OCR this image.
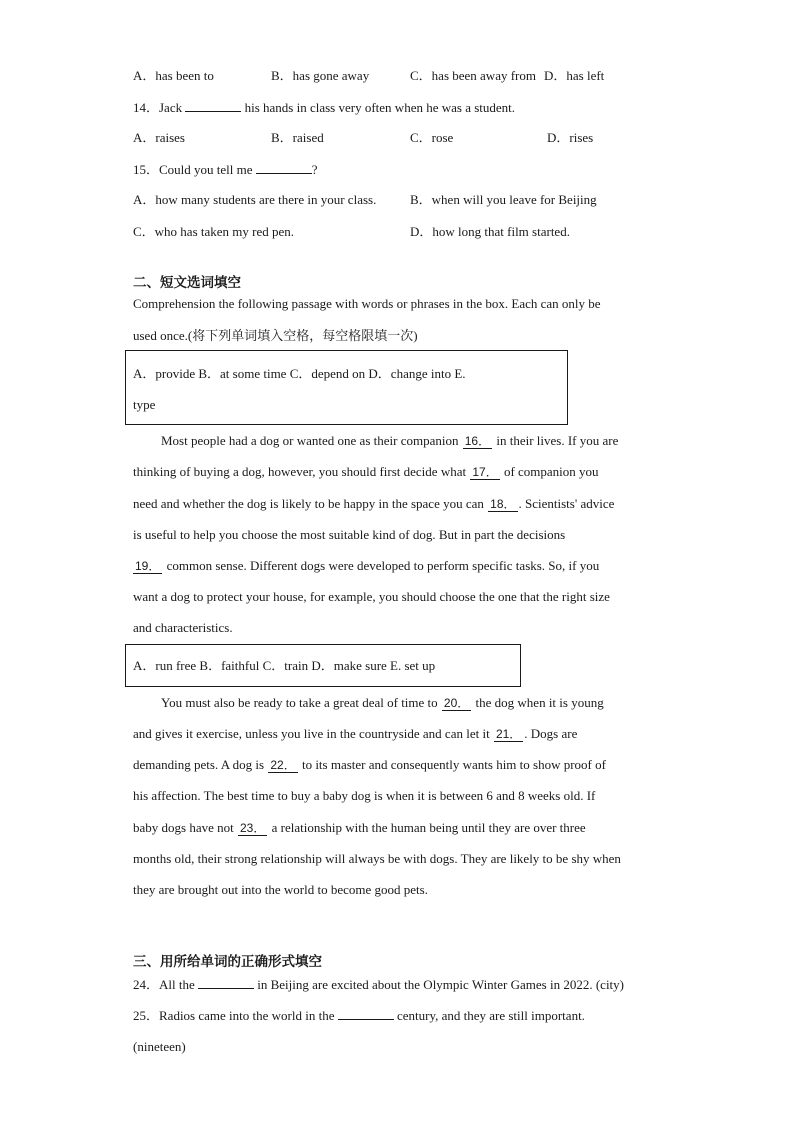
A．has been to	B．has gone away	C．has been away from D．has left
14．Jack	his hands in class very often when he was a student.
A．raises	B．raised	C．rose	D．rises
15．Could you tell me	?
A．how many students are there in your class.	B．when will you leave for Beijing
C．who has taken my red pen.	D．how long that film started.
二、短文选词填空
Comprehension the following passage with words or phrases in the box. Each can only be
used once.(将下列单词填入空格，每空格限填一次)
A．provide B．at some time C．depend on D．change into E.
type
Most people had a dog or wanted one as their companion 16． in their lives. If you are
thinking of buying a dog, however, you should first decide what 17． of companion you
need and whether the dog is likely to be happy in the space you can 18． . Scientists' advice
is useful to help you choose the most suitable kind of dog. But in part the decisions
19． common sense. Different dogs were developed to perform specific tasks. So, if you
want a dog to protect your house, for example, you should choose the one that the right size
and characteristics.
A．run free B．faithful C．train D．make sure E. set up
You must also be ready to take a great deal of time to 20． the dog when it is young
and gives it exercise, unless you live in the countryside and can let it 21． . Dogs are
demanding pets. A dog is 22． to its master and consequently wants him to show proof of
his affection. The best time to buy a baby dog is when it is between 6 and 8 weeks old. If
baby dogs have not 23． a relationship with the human being until they are over three
months old, their strong relationship will always be with dogs. They are likely to be shy when
they are brought out into the world to become good pets.
三、用所给单词的正确形式填空
24．All the	in Beijing are excited about the Olympic Winter Games in 2022. (city)
25．Radios came into the world in the	century, and they are still important.
(nineteen)
